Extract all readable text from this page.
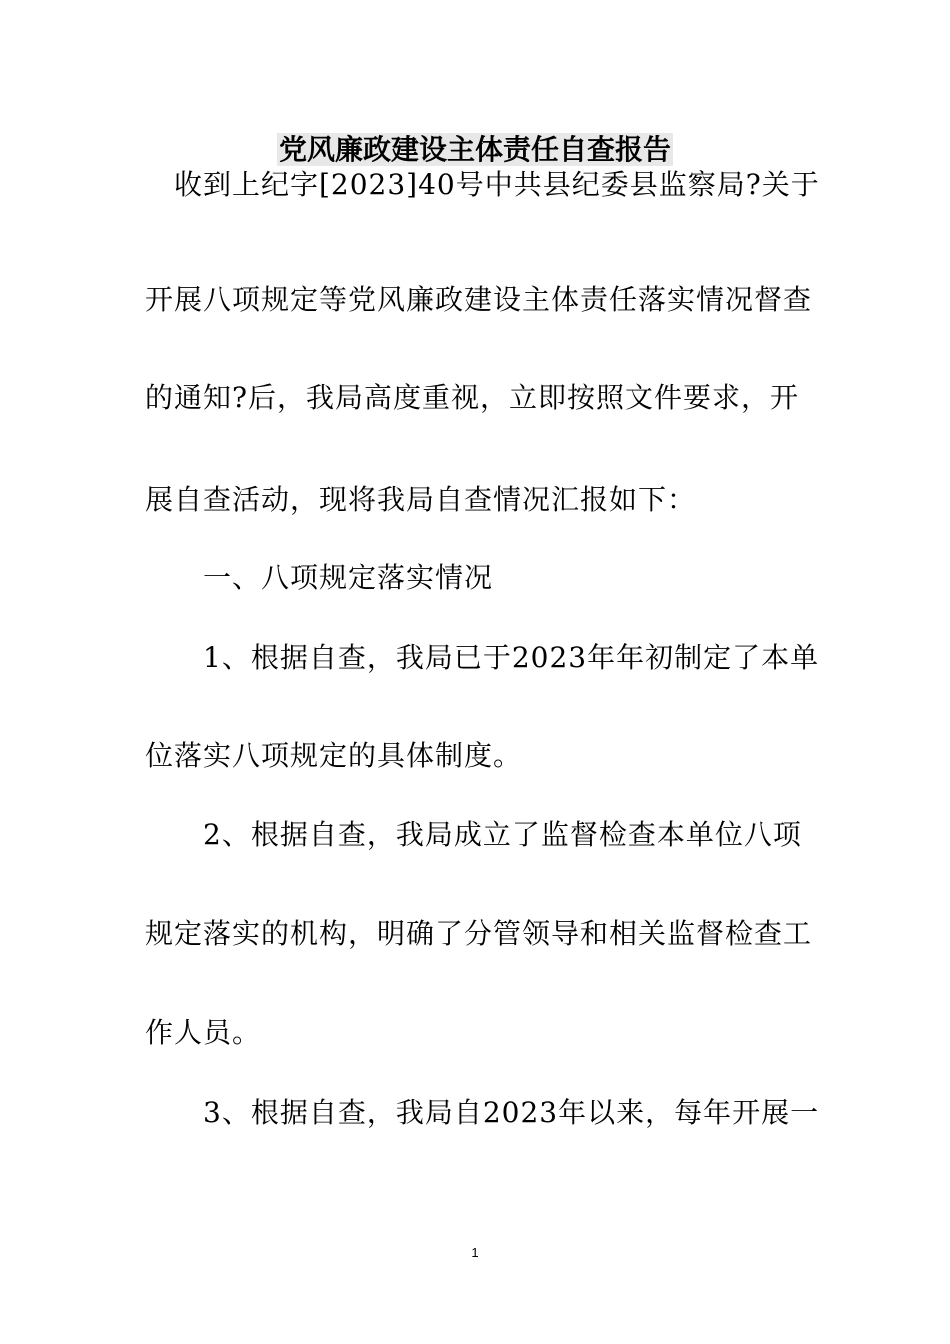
党风廉政建设主体责任自查报告
　收到上纪字[2023]40号中共县纪委县监察局?关于
开展八项规定等党风廉政建设主体责任落实情况督查
的通知?后，我局高度重视，立即按照文件要求，开
展自查活动，现将我局自查情况汇报如下：
　　一、八项规定落实情况
　　1、根据自查，我局已于2023年年初制定了本单
位落实八项规定的具体制度。
　　2、根据自查，我局成立了监督检查本单位八项
规定落实的机构，明确了分管领导和相关监督检查工
作人员。
　　3、根据自查，我局自2023年以来，每年开展一
1
